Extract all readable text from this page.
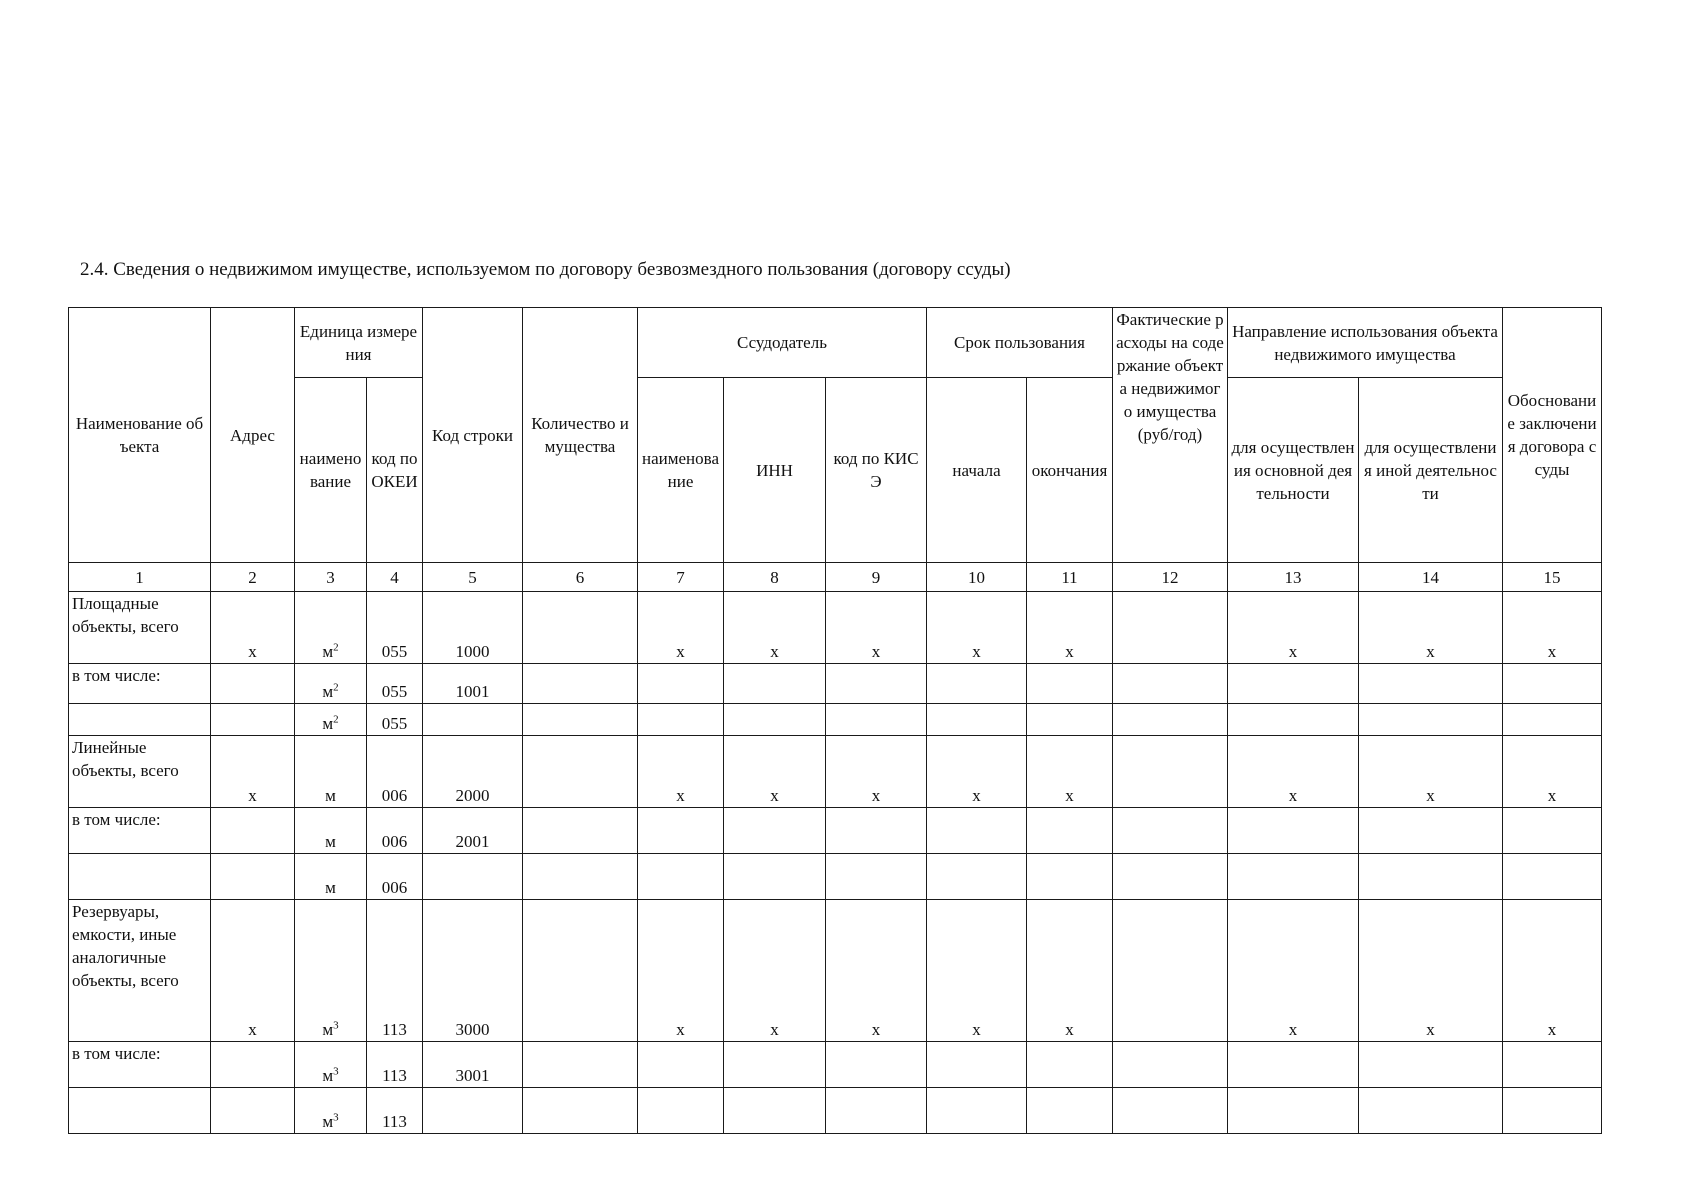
2.4. Сведения о недвижимом имуществе, используемом по договору безвозмездного пользования (договору ссуды)
Наименование объекта	Адрес	Единица измерения		Код строки	Количество имущества	Ссудодатель			Срок пользования		Фактические расходы на содержание объекта недвижимого имущества (руб/год)	Направление использования объекта недвижимого имущества		Обоснование заключения договора ссуды
		наименование	код по ОКЕИ			наименование	ИНН	код по КИСЭ	начала	окончания		для осуществления основной деятельности	для осуществления иной деятельности	
1	2	3	4	5	6	7	8	9	10	11	12	13	14	15
Площадные объекты, всего	х	$м^2$	055	1000		х	х	х	х	х		х	х	х
в том числе:		$м^2$	055	1001										
		$м^2$	055											
Линейные объекты, всего	х	м	006	2000		х	х	х	х	х		х	х	х
в том числе:		м	006	2001										
		м	006											
Резервуары, емкости, иные аналогичные объекты, всего	х	$м^3$	113	3000		х	х	х	х	х		х	х	х
в том числе:		$м^3$	113	3001										
		$м^3$	113											
